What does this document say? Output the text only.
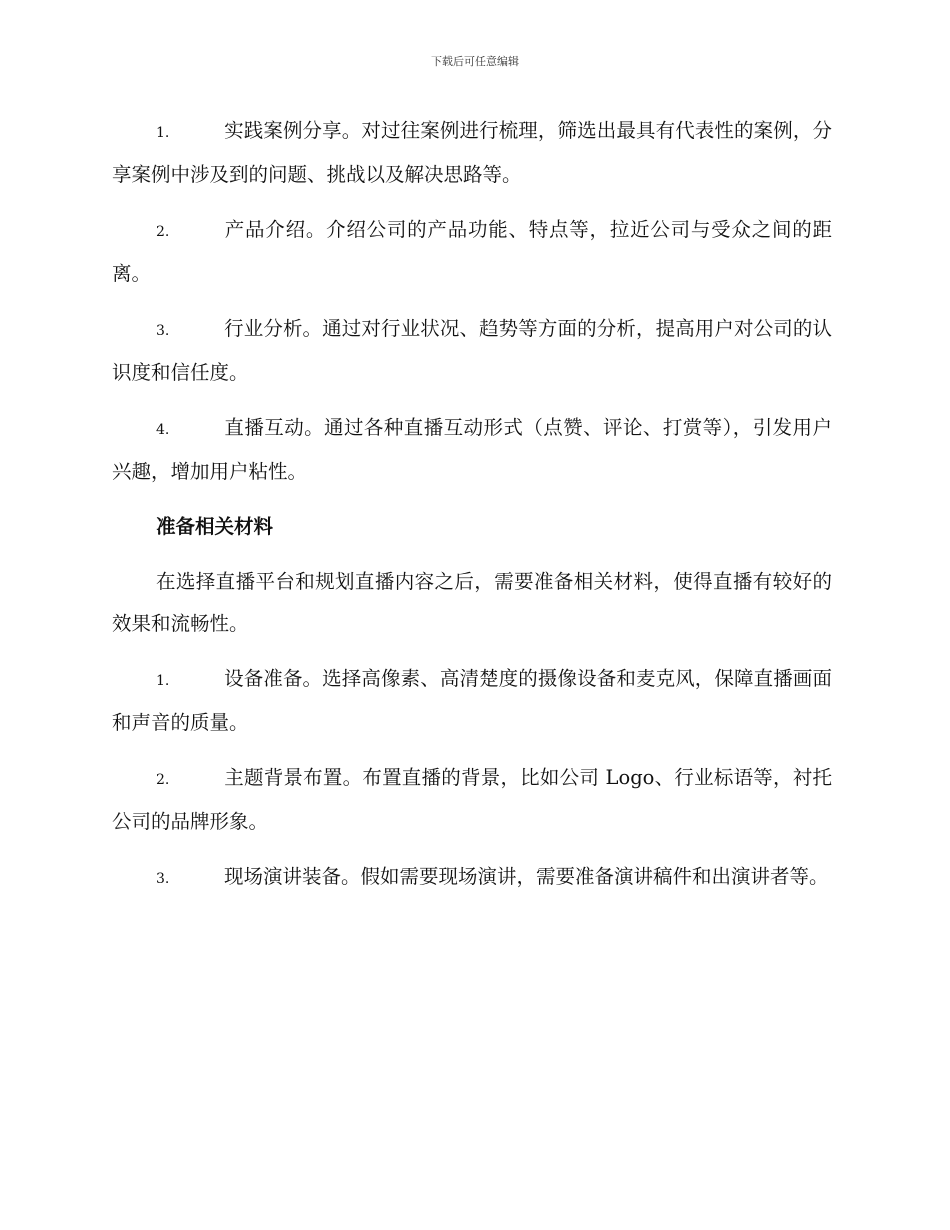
下载后可任意编辑

1.	实践案例分享。对过往案例进行梳理，筛选出最具有代表性的案例，分享案例中涉及到的问题、挑战以及解决思路等。

2.	产品介绍。介绍公司的产品功能、特点等，拉近公司与受众之间的距离。

3.	行业分析。通过对行业状况、趋势等方面的分析，提高用户对公司的认识度和信任度。

4.	直播互动。通过各种直播互动形式（点赞、评论、打赏等），引发用户兴趣，增加用户粘性。

准备相关材料

在选择直播平台和规划直播内容之后，需要准备相关材料，使得直播有较好的效果和流畅性。

1.	设备准备。选择高像素、高清楚度的摄像设备和麦克风，保障直播画面和声音的质量。

2.	主题背景布置。布置直播的背景，比如公司 Logo、行业标语等，衬托公司的品牌形象。

3.	现场演讲装备。假如需要现场演讲，需要准备演讲稿件和出演讲者等。
